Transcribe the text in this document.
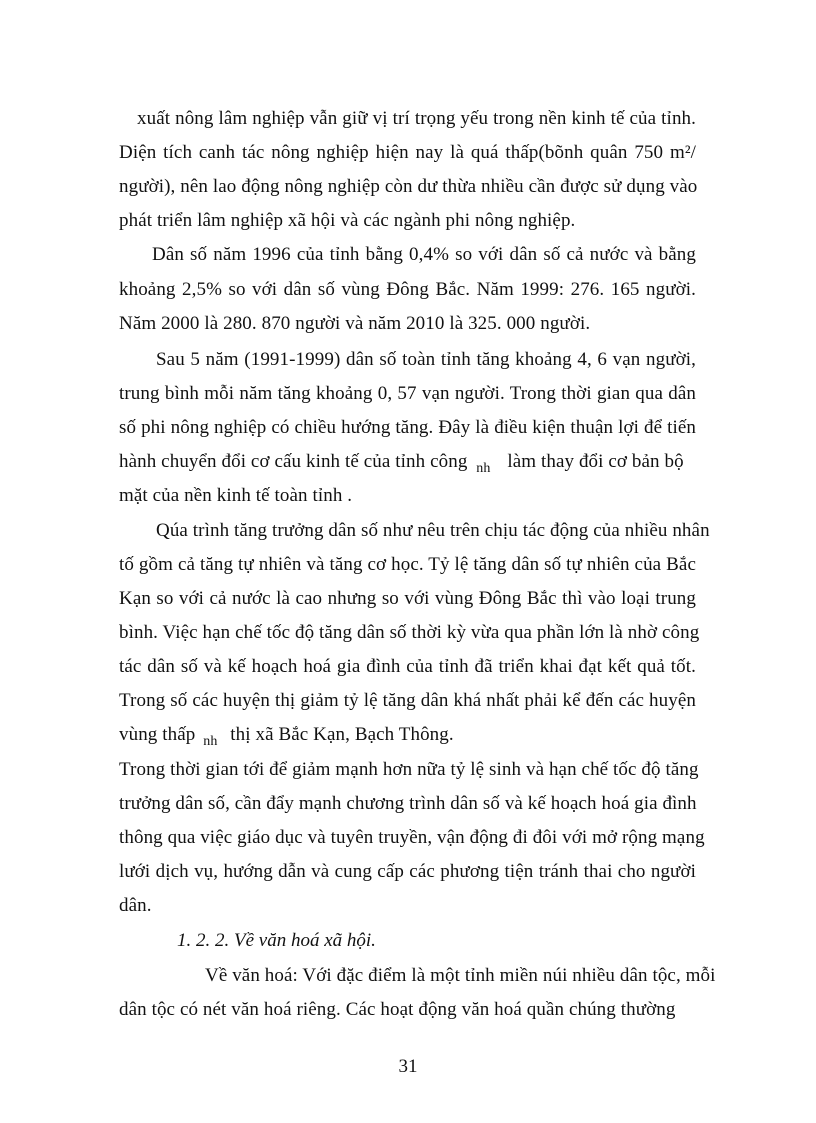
xuất nông lâm nghiệp vẫn giữ vị trí trọng yếu trong nền kinh tế của tỉnh.
Diện tích canh tác nông nghiệp hiện nay là quá thấp(bõnh quân 750 m²/
người), nên lao động nông nghiệp còn dư thừa nhiều cần được sử dụng vào
phát triển lâm nghiệp xã hội và các ngành phi nông nghiệp.
Dân số năm 1996 của tỉnh bằng 0,4% so với dân số cả nước và bằng
khoảng 2,5% so với dân số vùng Đông Bắc. Năm 1999: 276. 165 người.
Năm 2000 là 280. 870 người và năm 2010 là 325. 000 người.
Sau 5 năm (1991-1999) dân số toàn tỉnh tăng khoảng 4, 6 vạn người,
trung bình mỗi năm tăng khoảng 0, 57 vạn người. Trong thời gian qua dân
số phi nông nghiệp có chiều hướng tăng. Đây là điều kiện thuận lợi để tiến
hành chuyển đổi cơ cấu kinh tế của tỉnh công $_{nh}$ làm thay đổi cơ bản bộ
mặt của nền kinh tế toàn tỉnh .
Qúa trình tăng trưởng dân số như nêu trên chịu tác động của nhiều nhân
tố gồm cả tăng tự nhiên và tăng cơ học. Tỷ lệ tăng dân số tự nhiên của Bắc
Kạn so với cả nước là cao nhưng so với vùng Đông Bắc thì vào loại trung
bình. Việc hạn chế tốc độ tăng dân số thời kỳ vừa qua phần lớn là nhờ công
tác dân số và kế hoạch hoá gia đình của tỉnh đã triển khai đạt kết quả tốt.
Trong số các huyện thị giảm tỷ lệ tăng dân khá nhất phải kể đến các huyện
vùng thấp $_{nh}$ thị xã Bắc Kạn, Bạch Thông.
Trong thời gian tới để giảm mạnh hơn nữa tỷ lệ sinh và hạn chế tốc độ tăng
trưởng dân số, cần đẩy mạnh chương trình dân số và kế hoạch hoá gia đình
thông qua việc giáo dục và tuyên truyền, vận động đi đôi với mở rộng mạng
lưới dịch vụ, hướng dẫn và cung cấp các phương tiện tránh thai cho người
dân.
1. 2. 2. Về văn hoá xã hội.
Về văn hoá: Với đặc điểm là một tỉnh miền núi nhiều dân tộc, mỗi
dân tộc có nét văn hoá riêng. Các hoạt động văn hoá quần chúng thường
31
